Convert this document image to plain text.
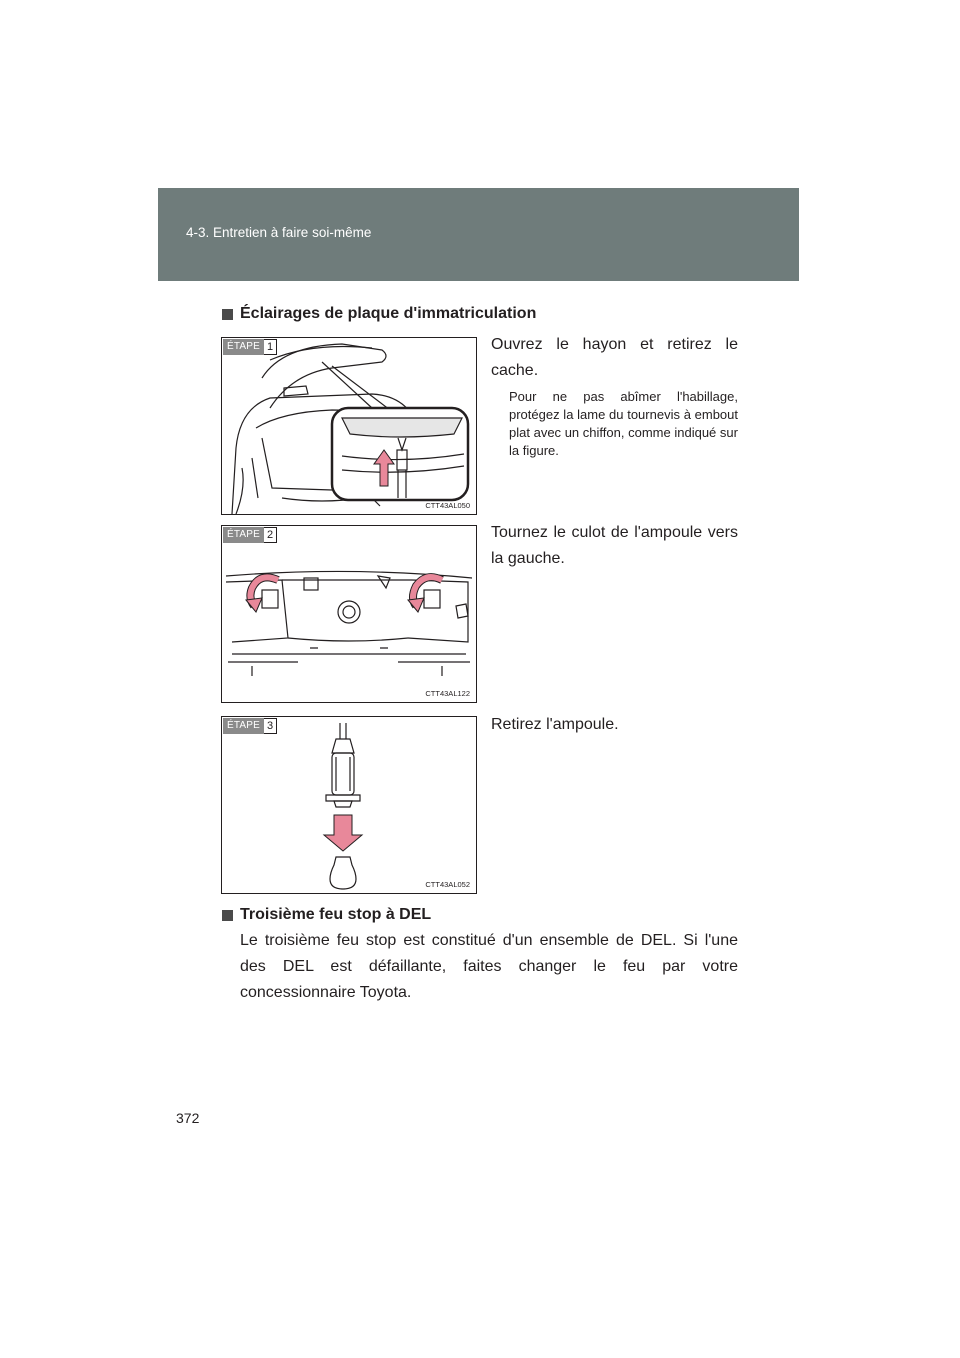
4-3. Entretien à faire soi-même
Éclairages de plaque d'immatriculation
ÉTAPE 1
CTT43AL050
Ouvrez le hayon et retirez le cache.
Pour ne pas abîmer l'habillage, protégez la lame du tournevis à embout plat avec un chiffon, comme indiqué sur la figure.
ÉTAPE 2
CTT43AL122
Tournez le culot de l'ampoule vers la gauche.
ÉTAPE 3
CTT43AL052
Retirez l'ampoule.
Troisième feu stop à DEL
Le troisième feu stop est constitué d'un ensemble de DEL. Si l'une des DEL est défaillante, faites changer le feu par votre concessionnaire Toyota.
372
